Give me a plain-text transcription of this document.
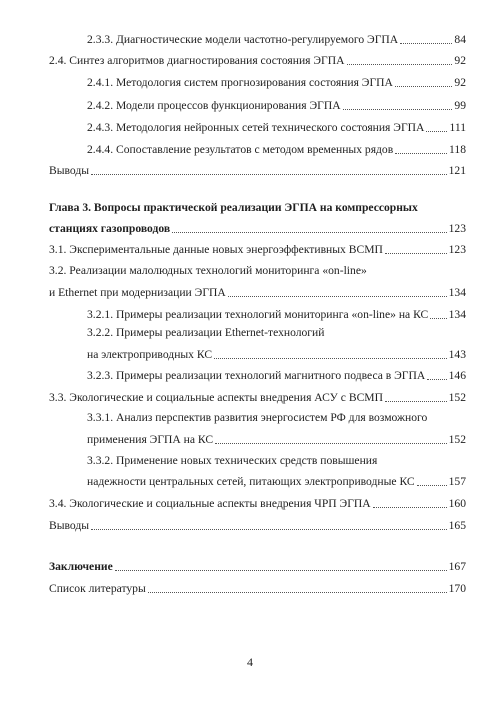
2.3.3. Диагностические модели частотно-регулируемого ЭГПА	84
2.4. Синтез алгоритмов диагностирования состояния ЭГПА	92
2.4.1. Методология систем прогнозирования состояния ЭГПА	92
2.4.2. Модели процессов функционирования ЭГПА	99
2.4.3. Методология нейронных сетей технического состояния ЭГПА 111
2.4.4. Сопоставление результатов с методом временных рядов	118
Выводы	121
Глава 3. Вопросы практической реализации ЭГПА на компрессорных
станциях газопроводов	123
3.1. Экспериментальные данные новых энергоэффективных ВСМП	123
3.2. Реализации малолюдных технологий мониторинга «on-line»
и Ethernet при модернизации ЭГПА	134
3.2.1. Примеры реализации технологий мониторинга «on-line» на КС 134
3.2.2. Примеры реализации Ethernet-технологий
на электроприводных КС	143
3.2.3. Примеры реализации технологий магнитного подвеса в ЭГПА 146
3.3. Экологические и социальные аспекты внедрения АСУ с ВСМП	152
3.3.1. Анализ перспектив развития энергосистем РФ для возможного
применения ЭГПА на КС	152
3.3.2. Применение новых технических средств повышения
надежности центральных сетей, питающих электроприводные КС	157
3.4. Экологические и социальные аспекты внедрения ЧРП ЭГПА	160
Выводы	165
Заключение	167
Список литературы	170
4
